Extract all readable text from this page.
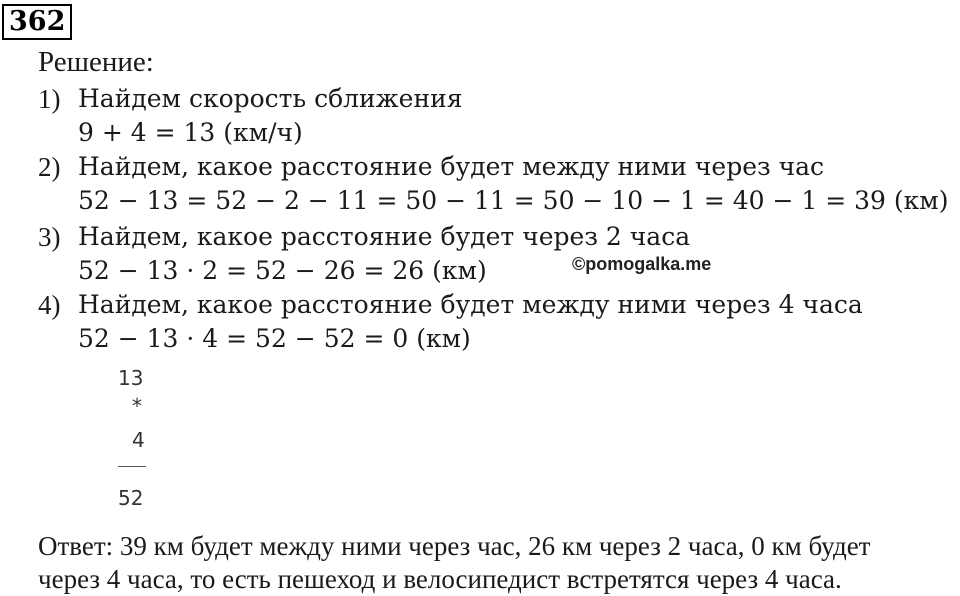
362
Решение:
1) Найдем скорость сближения
9 + 4 = 13 (км/ч)
2) Найдем, какое расстояние будет между ними через час
52 − 13 = 52 − 2 − 11 = 50 − 11 = 50 − 10 − 1 = 40 − 1 = 39 (км)
3) Найдем, какое расстояние будет через 2 часа
52 − 13 · 2 = 52 − 26 = 26 (км)	©pomogalka.me
4) Найдем, какое расстояние будет между ними через 4 часа
52 − 13 · 4 = 52 − 52 = 0 (км)
13
*
4
52
Ответ: 39 км будет между ними через час, 26 км через 2 часа, 0 км будет
через 4 часа, то есть пешеход и велосипедист встретятся через 4 часа.
